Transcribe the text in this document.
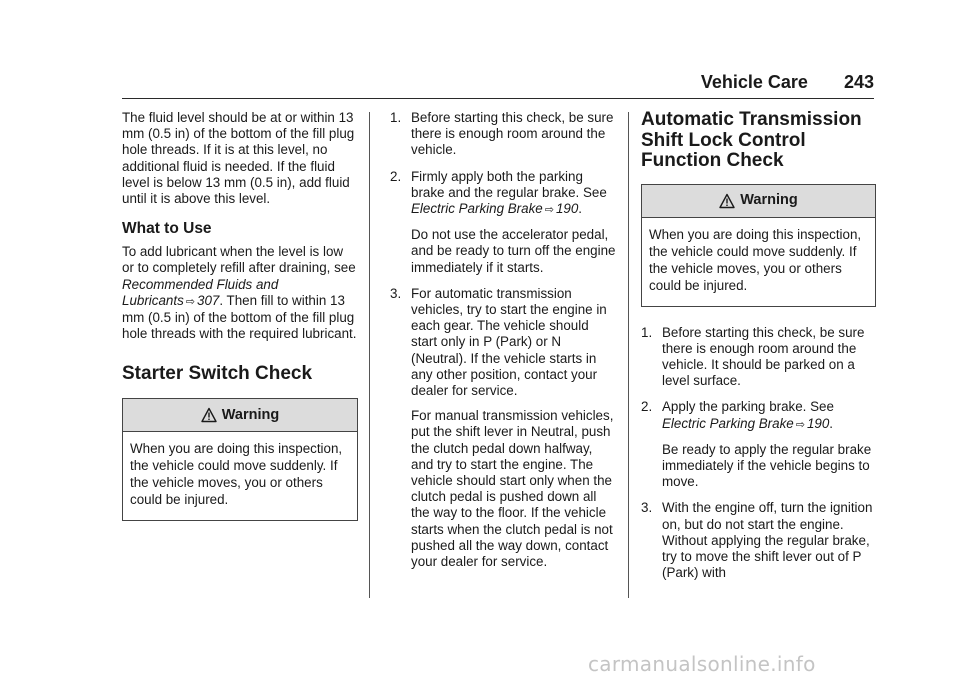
Vehicle Care 243

The fluid level should be at or within 13 mm (0.5 in) of the bottom of the fill plug hole threads. If it is at this level, no additional fluid is needed. If the fluid level is below 13 mm (0.5 in), add fluid until it is above this level.

What to Use

To add lubricant when the level is low or to completely refill after draining, see Recommended Fluids and Lubricants ⇨ 307. Then fill to within 13 mm (0.5 in) of the bottom of the fill plug hole threads with the required lubricant.

Starter Switch Check
Warning
When you are doing this inspection, the vehicle could move suddenly. If the vehicle moves, you or others could be injured.
1. Before starting this check, be sure there is enough room around the vehicle.

2. Firmly apply both the parking brake and the regular brake. See Electric Parking Brake ⇨ 190.

Do not use the accelerator pedal, and be ready to turn off the engine immediately if it starts.

3. For automatic transmission vehicles, try to start the engine in each gear. The vehicle should start only in P (Park) or N (Neutral). If the vehicle starts in any other position, contact your dealer for service.

For manual transmission vehicles, put the shift lever in Neutral, push the clutch pedal down halfway, and try to start the engine. The vehicle should start only when the clutch pedal is pushed down all the way to the floor. If the vehicle starts when the clutch pedal is not pushed all the way down, contact your dealer for service.

Automatic Transmission Shift Lock Control Function Check
Warning
When you are doing this inspection, the vehicle could move suddenly. If the vehicle moves, you or others could be injured.
1. Before starting this check, be sure there is enough room around the vehicle. It should be parked on a level surface.

2. Apply the parking brake. See Electric Parking Brake ⇨ 190.

Be ready to apply the regular brake immediately if the vehicle begins to move.

3. With the engine off, turn the ignition on, but do not start the engine. Without applying the regular brake, try to move the shift lever out of P (Park) with

carmanualsonline.info
